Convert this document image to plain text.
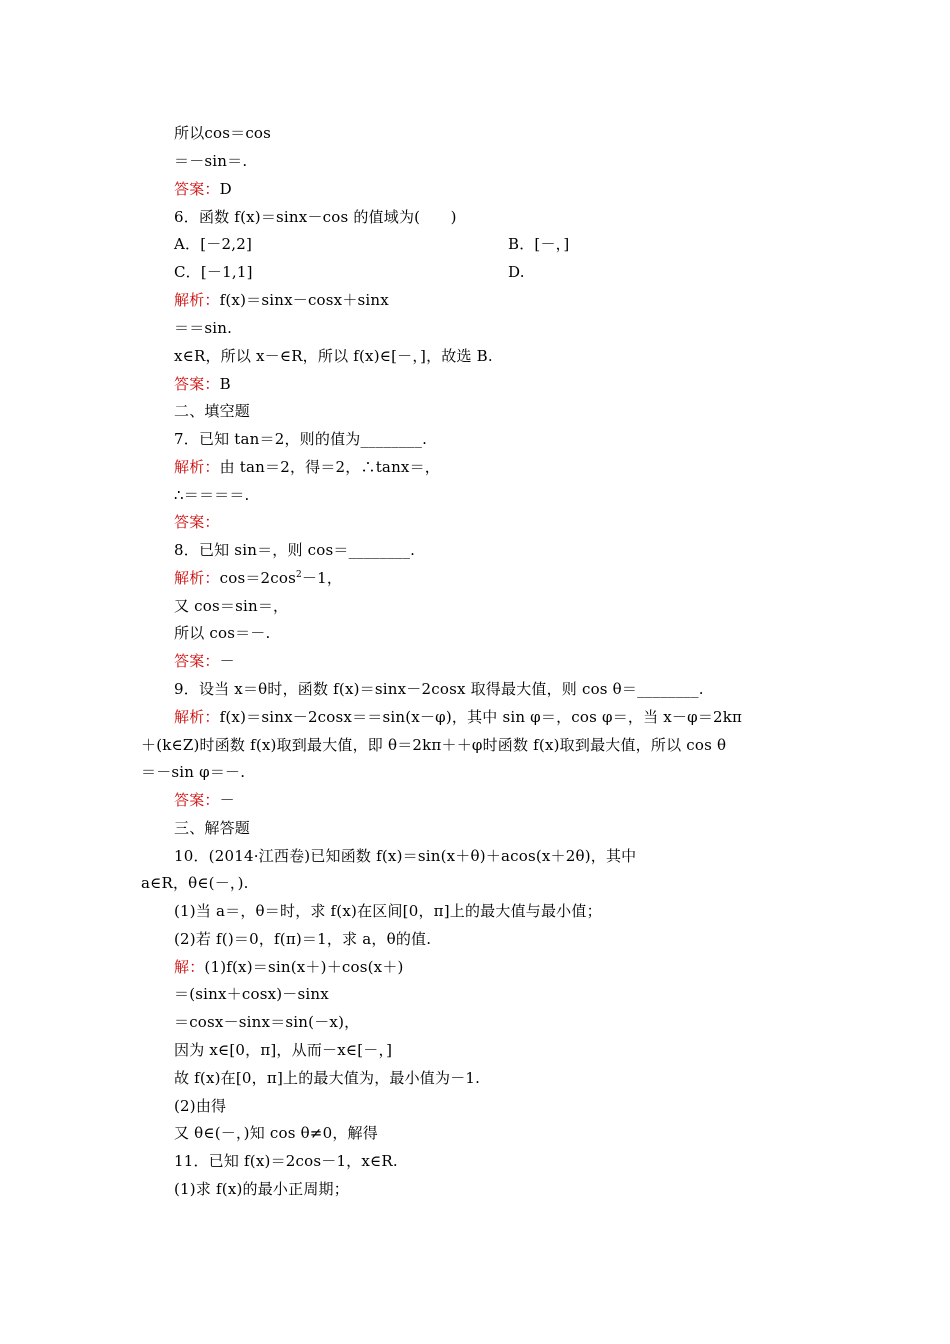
所以cos＝cos
＝－sin＝.
答案：D
6．函数 f(x)＝sinx－cos 的值域为(　　)
A．[－2,2]	B．[－，]
C．[－1,1]	D.
解析：f(x)＝sinx－cosx＋sinx
＝＝sin.
x∈R，所以 x－∈R，所以 f(x)∈[－，]，故选 B.
答案：B
二、填空题
7．已知 tan＝2，则的值为________.
解析：由 tan＝2，得＝2，∴tanx＝，
∴＝＝＝＝.
答案：
8．已知 sin＝，则 cos＝________.
解析：$\cos=2\cos^2-1$，
又 cos＝sin＝，
所以 cos＝－.
答案：－
9．设当 x＝θ时，函数 f(x)＝sinx－2cosx 取得最大值，则 cos θ＝________.
解析：f(x)＝sinx－2cosx＝＝sin(x－φ)，其中 sin φ＝，cos φ＝，当 x－φ＝2kπ
＋(k∈Z)时函数 f(x)取到最大值，即 θ＝2kπ＋＋φ时函数 f(x)取到最大值，所以 cos θ
＝－sin φ＝－.
答案：－
三、解答题
10．(2014·江西卷)已知函数 f(x)＝sin(x＋θ)＋acos(x＋2θ)，其中
a∈R，θ∈(－，).
(1)当 a＝，θ＝时，求 f(x)在区间[0，π]上的最大值与最小值；
(2)若 f()＝0，f(π)＝1，求 a，θ的值.
解：(1)f(x)＝sin(x＋)＋cos(x＋)
＝(sinx＋cosx)－sinx
＝cosx－sinx＝sin(－x)，
因为 x∈[0，π]，从而－x∈[－，]
故 f(x)在[0，π]上的最大值为，最小值为－1.
(2)由得
又 θ∈(－，)知 cos θ≠0，解得
11．已知 f(x)＝2cos－1，x∈R.
(1)求 f(x)的最小正周期；
